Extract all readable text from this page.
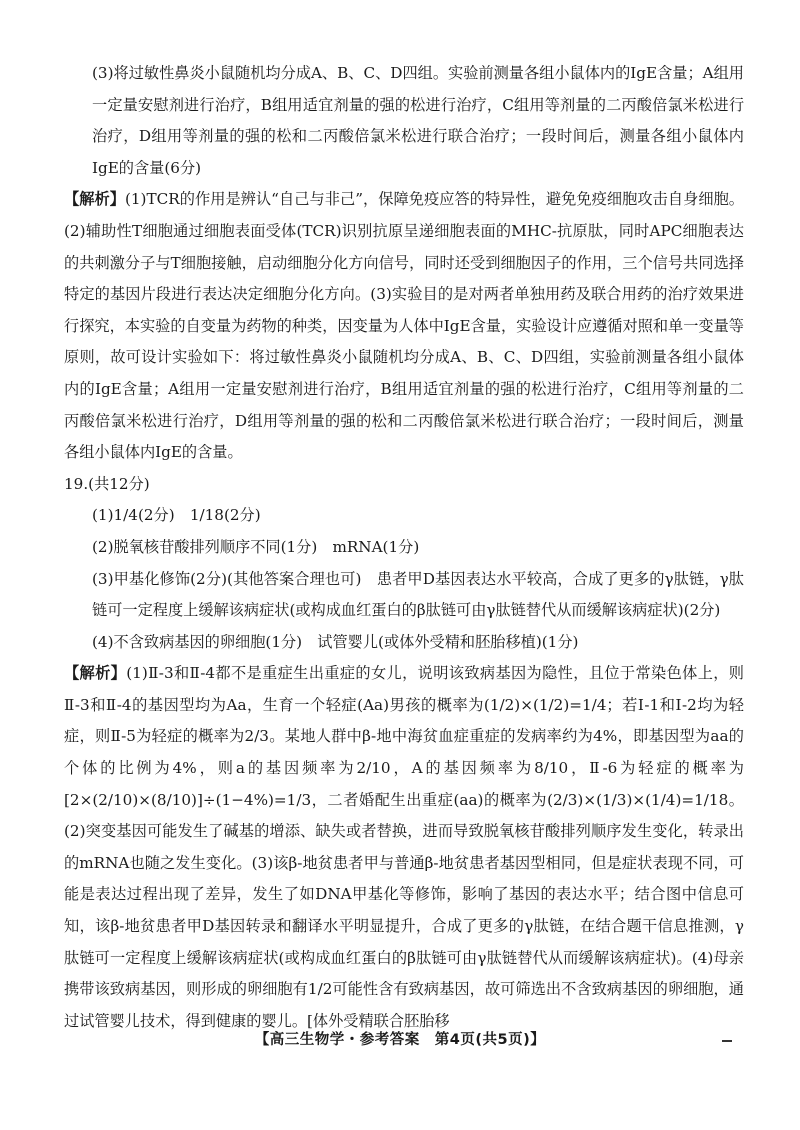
(3)将过敏性鼻炎小鼠随机均分成A、B、C、D四组。实验前测量各组小鼠体内的IgE含量；A组用一定量安慰剂进行治疗，B组用适宜剂量的强的松进行治疗，C组用等剂量的二丙酸倍氯米松进行治疗，D组用等剂量的强的松和二丙酸倍氯米松进行联合治疗；一段时间后，测量各组小鼠体内IgE的含量(6分)

【解析】(1)TCR的作用是辨认“自己与非己”，保障免疫应答的特异性，避免免疫细胞攻击自身细胞。(2)辅助性T细胞通过细胞表面受体(TCR)识别抗原呈递细胞表面的MHC-抗原肽，同时APC细胞表达的共刺激分子与T细胞接触，启动细胞分化方向信号，同时还受到细胞因子的作用，三个信号共同选择特定的基因片段进行表达决定细胞分化方向。(3)实验目的是对两者单独用药及联合用药的治疗效果进行探究，本实验的自变量为药物的种类，因变量为人体中IgE含量，实验设计应遵循对照和单一变量等原则，故可设计实验如下：将过敏性鼻炎小鼠随机均分成A、B、C、D四组，实验前测量各组小鼠体内的IgE含量；A组用一定量安慰剂进行治疗，B组用适宜剂量的强的松进行治疗，C组用等剂量的二丙酸倍氯米松进行治疗，D组用等剂量的强的松和二丙酸倍氯米松进行联合治疗；一段时间后，测量各组小鼠体内IgE的含量。

19.(共12分)

(1)1/4(2分)　1/18(2分)

(2)脱氧核苷酸排列顺序不同(1分)　mRNA(1分)

(3)甲基化修饰(2分)(其他答案合理也可)　患者甲D基因表达水平较高，合成了更多的γ肽链，γ肽链可一定程度上缓解该病症状(或构成血红蛋白的β肽链可由γ肽链替代从而缓解该病症状)(2分)

(4)不含致病基因的卵细胞(1分)　试管婴儿(或体外受精和胚胎移植)(1分)

【解析】(1)Ⅱ-3和Ⅱ-4都不是重症生出重症的女儿，说明该致病基因为隐性，且位于常染色体上，则Ⅱ-3和Ⅱ-4的基因型均为Aa，生育一个轻症(Aa)男孩的概率为(1/2)×(1/2)=1/4；若Ⅰ-1和Ⅰ-2均为轻症，则Ⅱ-5为轻症的概率为2/3。某地人群中β-地中海贫血症重症的发病率约为4%，即基因型为aa的个体的比例为4%，则a的基因频率为2/10，A的基因频率为8/10，Ⅱ-6为轻症的概率为[2×(2/10)×(8/10)]÷(1−4%)=1/3，二者婚配生出重症(aa)的概率为(2/3)×(1/3)×(1/4)=1/18。(2)突变基因可能发生了碱基的增添、缺失或者替换，进而导致脱氧核苷酸排列顺序发生变化，转录出的mRNA也随之发生变化。(3)该β-地贫患者甲与普通β-地贫患者基因型相同，但是症状表现不同，可能是表达过程出现了差异，发生了如DNA甲基化等修饰，影响了基因的表达水平；结合图中信息可知，该β-地贫患者甲D基因转录和翻译水平明显提升，合成了更多的γ肽链，在结合题干信息推测，γ肽链可一定程度上缓解该病症状(或构成血红蛋白的β肽链可由γ肽链替代从而缓解该病症状)。(4)母亲携带该致病基因，则形成的卵细胞有1/2可能性含有致病基因，故可筛选出不含致病基因的卵细胞，通过试管婴儿技术，得到健康的婴儿。[体外受精联合胚胎移

【高三生物学・参考答案　第4页(共5页)】
